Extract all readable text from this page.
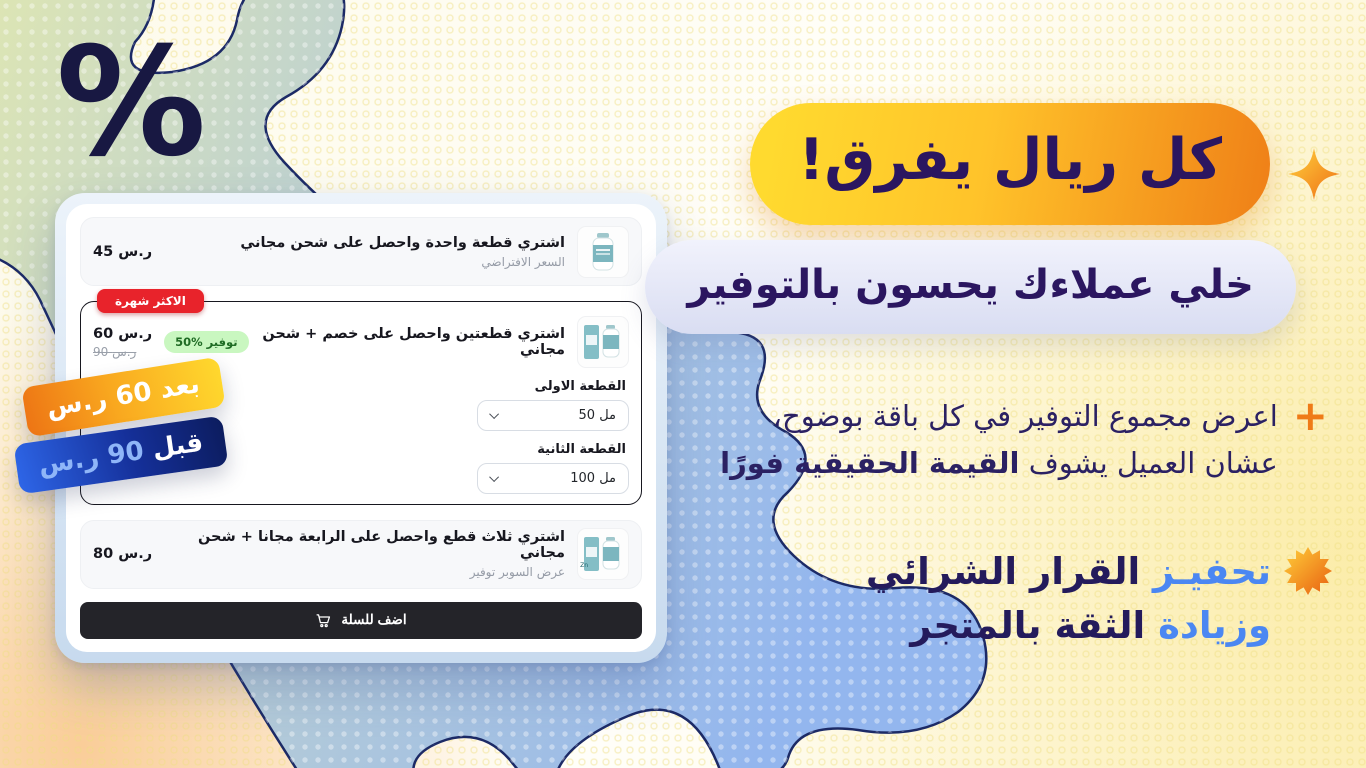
%
اشتري قطعة واحدة واحصل على شحن مجاني
السعر الافتراضي
45 ر.س
الاكثر شهرة
اشتري قطعتين واحصل على خصم + شحن مجاني
توفير %50
60 ر.س
90 ر.س
القطعة الاولى
50 مل
القطعة الثانية
100 مل
Zn
اشتري ثلاث قطع واحصل على الرابعة مجانا + شحن مجاني
عرض السوبر توفير
80 ر.س
اضف للسلة
بعد 60 ر.س
قبل 90 ر.س
كل ريال يفرق!
خلي عملاءك يحسون بالتوفير
+
اعرض مجموع التوفير في كل باقة بوضوح،
عشان العميل يشوف القيمة الحقيقية فورًا
تحفيـز القرار الشرائي
وزيادة الثقة بالمتجر
